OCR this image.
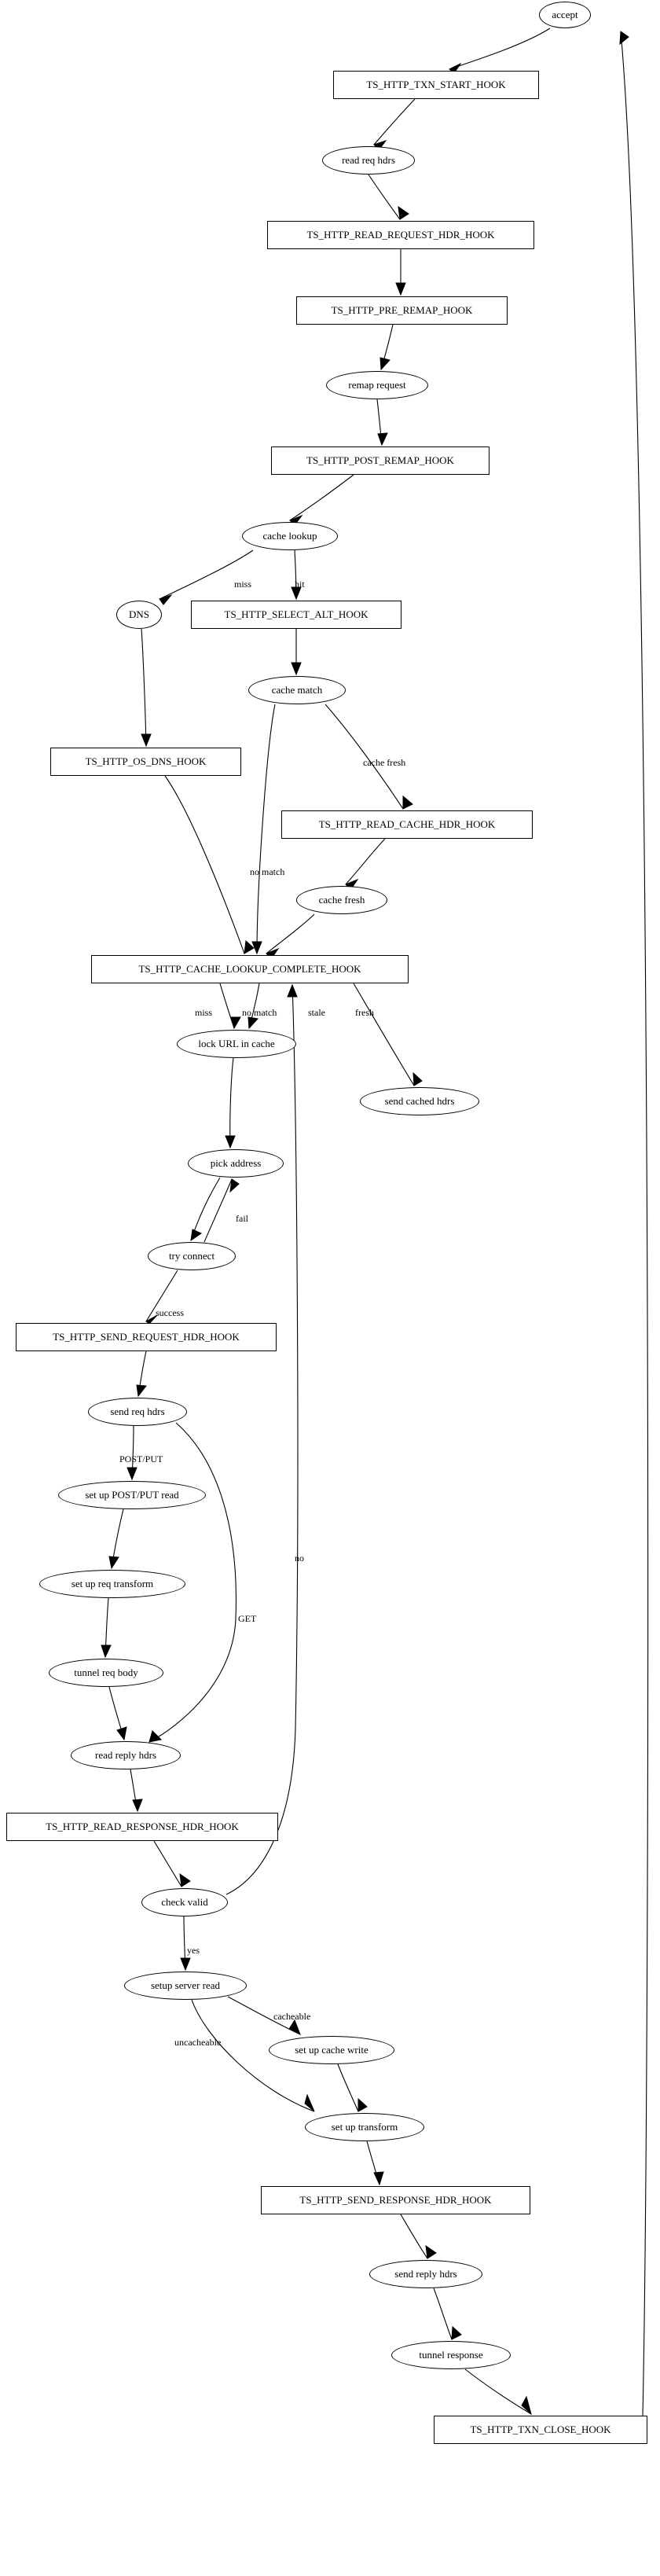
accept
TS_HTTP_TXN_START_HOOK
read req hdrs
TS_HTTP_READ_REQUEST_HDR_HOOK
TS_HTTP_PRE_REMAP_HOOK
remap request
TS_HTTP_POST_REMAP_HOOK
cache lookup
DNS	TS_HTTP_SELECT_ALT_HOOK
cache match
TS_HTTP_OS_DNS_HOOK
TS_HTTP_READ_CACHE_HDR_HOOK
cache fresh
TS_HTTP_CACHE_LOOKUP_COMPLETE_HOOK
lock URL in cache
send cached hdrs
pick address
try connect
TS_HTTP_SEND_REQUEST_HDR_HOOK
send req hdrs
set up POST/PUT read
set up req transform
tunnel req body
read reply hdrs
TS_HTTP_READ_RESPONSE_HDR_HOOK
check valid
setup server read
set up cache write
set up transform
TS_HTTP_SEND_RESPONSE_HDR_HOOK
send reply hdrs
tunnel response
TS_HTTP_TXN_CLOSE_HOOK
miss	hit
cache fresh
no match
miss	no match	stale	fresh
fail
success
POST/PUT
GET
no
yes
cacheable
uncacheable
